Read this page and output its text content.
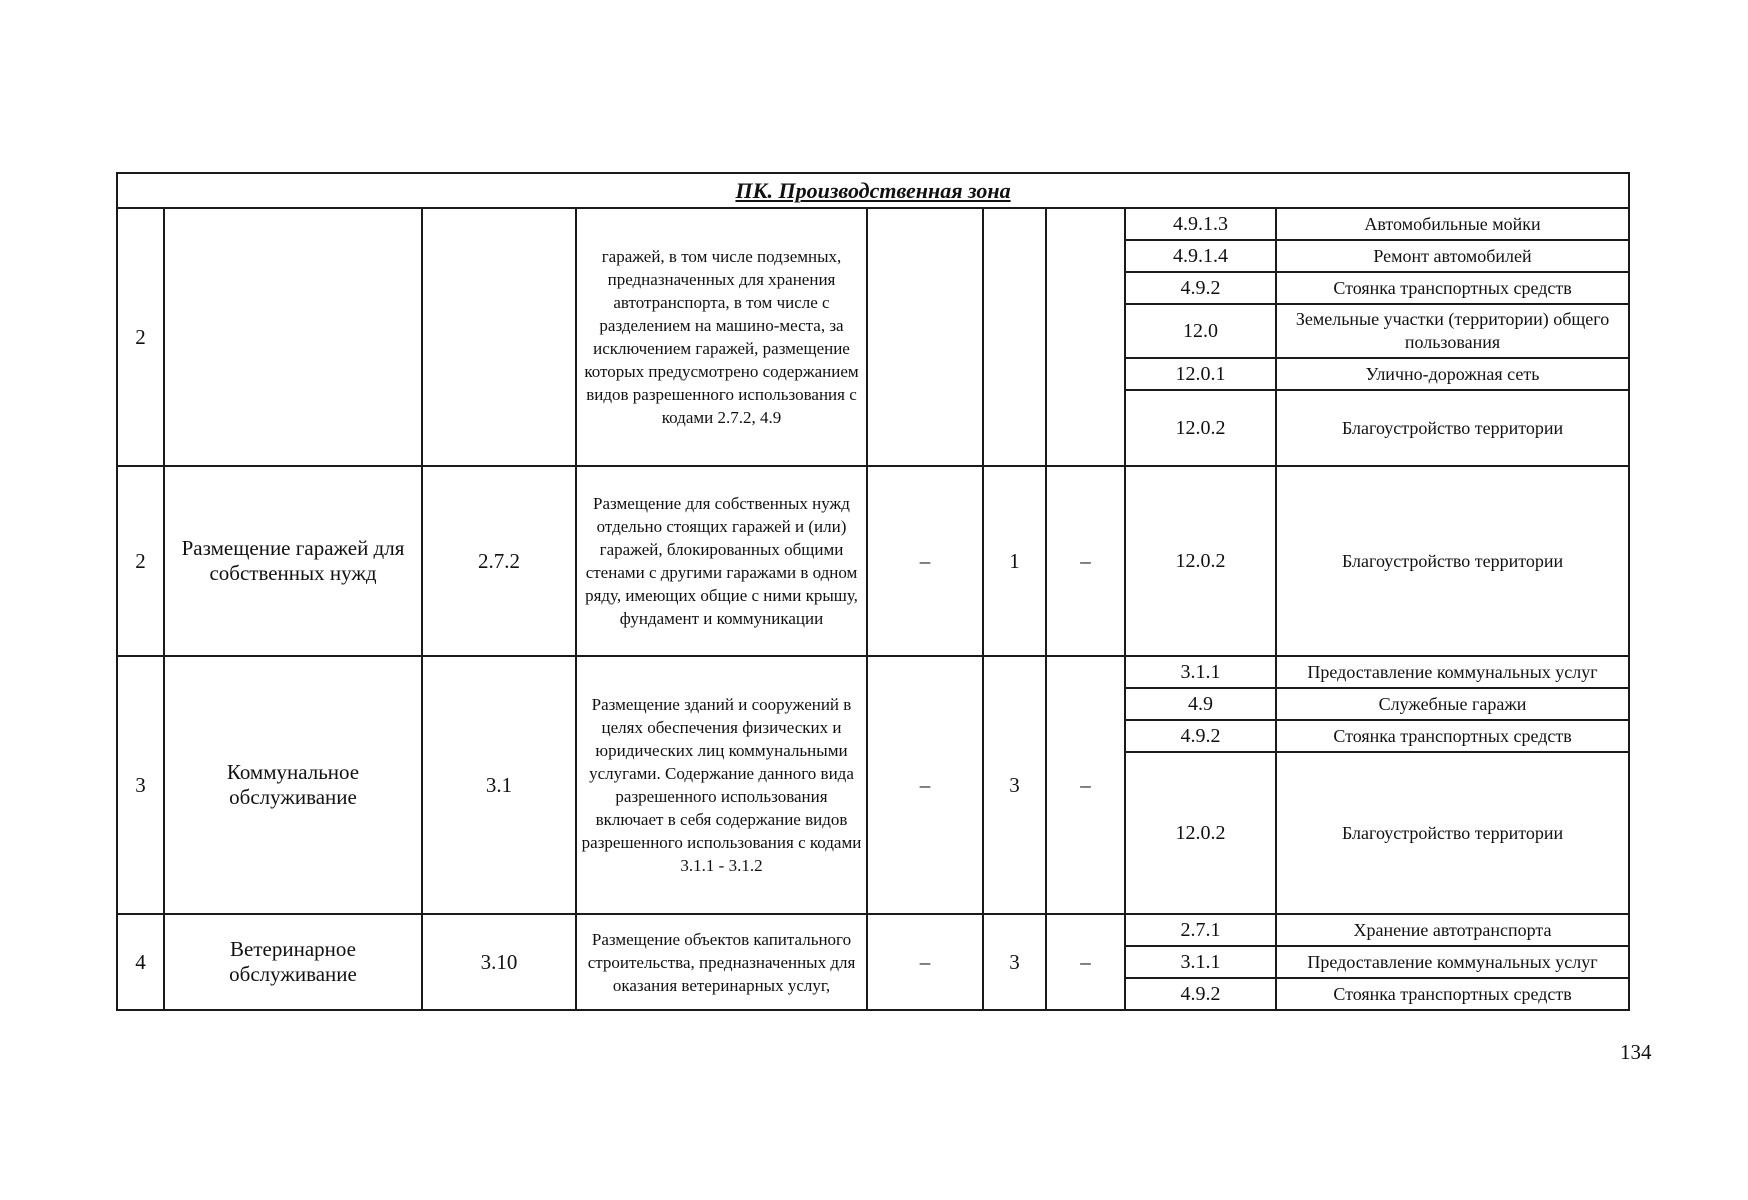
ПК. Производственная зона								
2			гаражей, в том числе подземных, предназначенных для хранения автотранспорта, в том числе с разделением на машино-места, за исключением гаражей, размещение которых предусмотрено содержанием видов разрешенного использования с кодами 2.7.2, 4.9				4.9.1.3	Автомобильные мойки
							4.9.1.4	Ремонт автомобилей
							4.9.2	Стоянка транспортных средств
							12.0	Земельные участки (территории) общего пользования
							12.0.1	Улично-дорожная сеть
							12.0.2	Благоустройство территории
2	Размещение гаражей для собственных нужд	2.7.2	Размещение для собственных нужд отдельно стоящих гаражей и (или) гаражей, блокированных общими стенами с другими гаражами в одном ряду, имеющих общие с ними крышу, фундамент и коммуникации	–	1	–	12.0.2	Благоустройство территории
3	Коммунальное обслуживание	3.1	Размещение зданий и сооружений в целях обеспечения физических и юридических лиц коммунальными услугами. Содержание данного вида разрешенного использования включает в себя содержание видов разрешенного использования с кодами 3.1.1 - 3.1.2	–	3	–	3.1.1	Предоставление коммунальных услуг
							4.9	Служебные гаражи
							4.9.2	Стоянка транспортных средств
							12.0.2	Благоустройство территории
4	Ветеринарное обслуживание	3.10	Размещение объектов капитального строительства, предназначенных для оказания ветеринарных услуг,	–	3	–	2.7.1	Хранение автотранспорта
							3.1.1	Предоставление коммунальных услуг
							4.9.2	Стоянка транспортных средств
134
